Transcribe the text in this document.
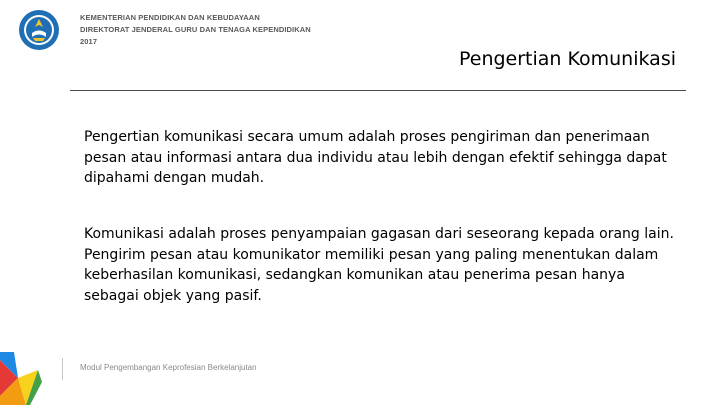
KEMENTERIAN PENDIDIKAN DAN KEBUDAYAAN
DIREKTORAT JENDERAL GURU DAN TENAGA KEPENDIDIKAN
2017
Pengertian Komunikasi

Pengertian komunikasi secara umum adalah proses pengiriman dan penerimaan pesan atau informasi antara dua individu atau lebih dengan efektif sehingga dapat dipahami dengan mudah.

Komunikasi adalah proses penyampaian gagasan dari seseorang kepada orang lain. Pengirim pesan atau komunikator memiliki pesan yang paling menentukan dalam keberhasilan komunikasi, sedangkan komunikan atau penerima pesan hanya sebagai objek yang pasif.

Modul Pengembangan Keprofesian Berkelanjutan
